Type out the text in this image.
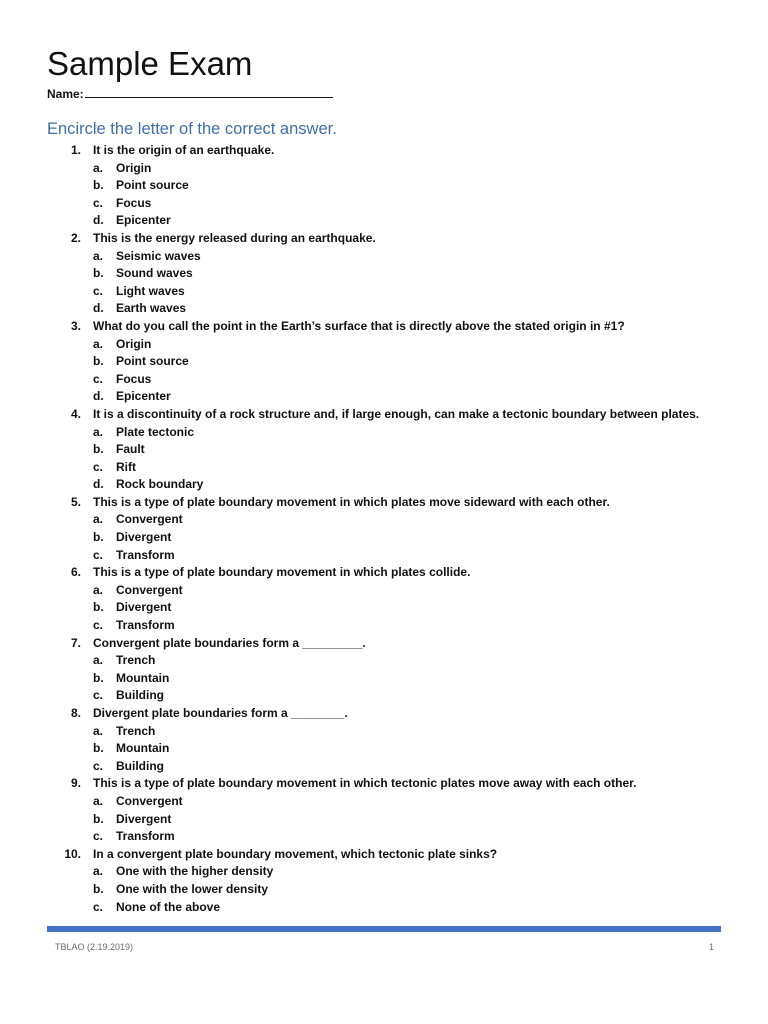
Sample Exam
Name:
Encircle the letter of the correct answer.
1. It is the origin of an earthquake.
a. Origin
b. Point source
c. Focus
d. Epicenter
2. This is the energy released during an earthquake.
a. Seismic waves
b. Sound waves
c. Light waves
d. Earth waves
3. What do you call the point in the Earth’s surface that is directly above the stated origin in #1?
a. Origin
b. Point source
c. Focus
d. Epicenter
4. It is a discontinuity of a rock structure and, if large enough, can make a tectonic boundary between plates.
a. Plate tectonic
b. Fault
c. Rift
d. Rock boundary
5. This is a type of plate boundary movement in which plates move sideward with each other.
a. Convergent
b. Divergent
c. Transform
6. This is a type of plate boundary movement in which plates collide.
a. Convergent
b. Divergent
c. Transform
7. Convergent plate boundaries form a _________.
a. Trench
b. Mountain
c. Building
8. Divergent plate boundaries form a ________.
a. Trench
b. Mountain
c. Building
9. This is a type of plate boundary movement in which tectonic plates move away with each other.
a. Convergent
b. Divergent
c. Transform
10. In a convergent plate boundary movement, which tectonic plate sinks?
a. One with the higher density
b. One with the lower density
c. None of the above
TBLAO (2.19.2019)	1
